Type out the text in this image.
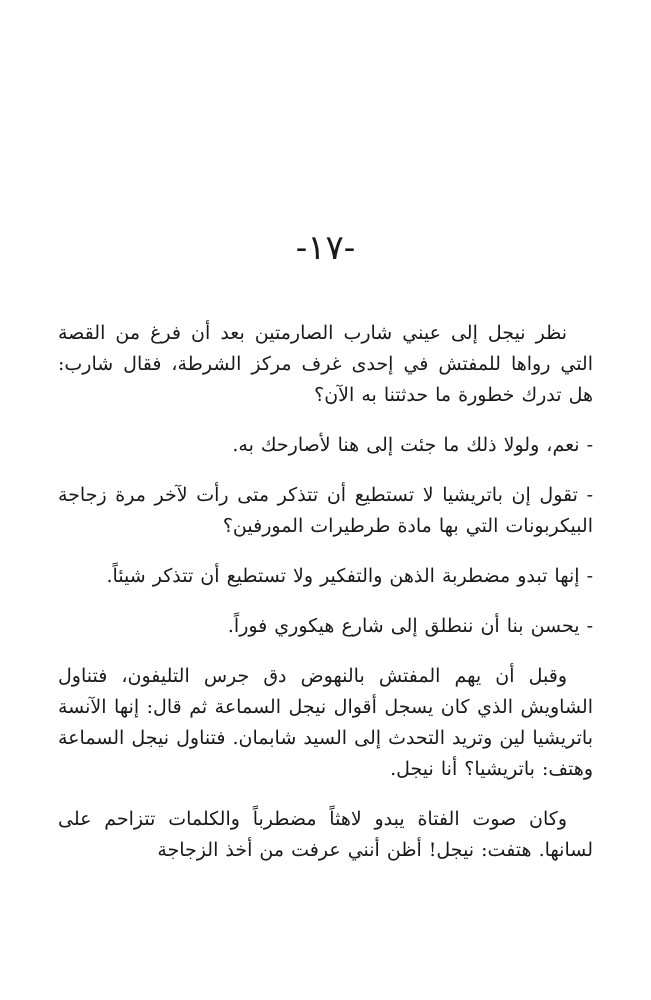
-١٧-

نظر نيجل إلى عيني شارب الصارمتين بعد أن فرغ من القصة التي رواها للمفتش في إحدى غرف مركز الشرطة، فقال شارب: هل تدرك خطورة ما حدثتنا به الآن؟

- نعم، ولولا ذلك ما جئت إلى هنا لأصارحك به.

- تقول إن باتريشيا لا تستطيع أن تتذكر متى رأت لآخر مرة زجاجة البيكربونات التي بها مادة طرطيرات المورفين؟

- إنها تبدو مضطربة الذهن والتفكير ولا تستطيع أن تتذكر شيئاً.

- يحسن بنا أن ننطلق إلى شارع هيكوري فوراً.

وقبل أن يهم المفتش بالنهوض دق جرس التليفون، فتناول الشاويش الذي كان يسجل أقوال نيجل السماعة ثم قال: إنها الآنسة باتريشيا لين وتريد التحدث إلى السيد شابمان. فتناول نيجل السماعة وهتف: باتريشيا؟ أنا نيجل.

وكان صوت الفتاة يبدو لاهثاً مضطرباً والكلمات تتزاحم على لسانها. هتفت: نيجل! أظن أنني عرفت من أخذ الزجاجة
